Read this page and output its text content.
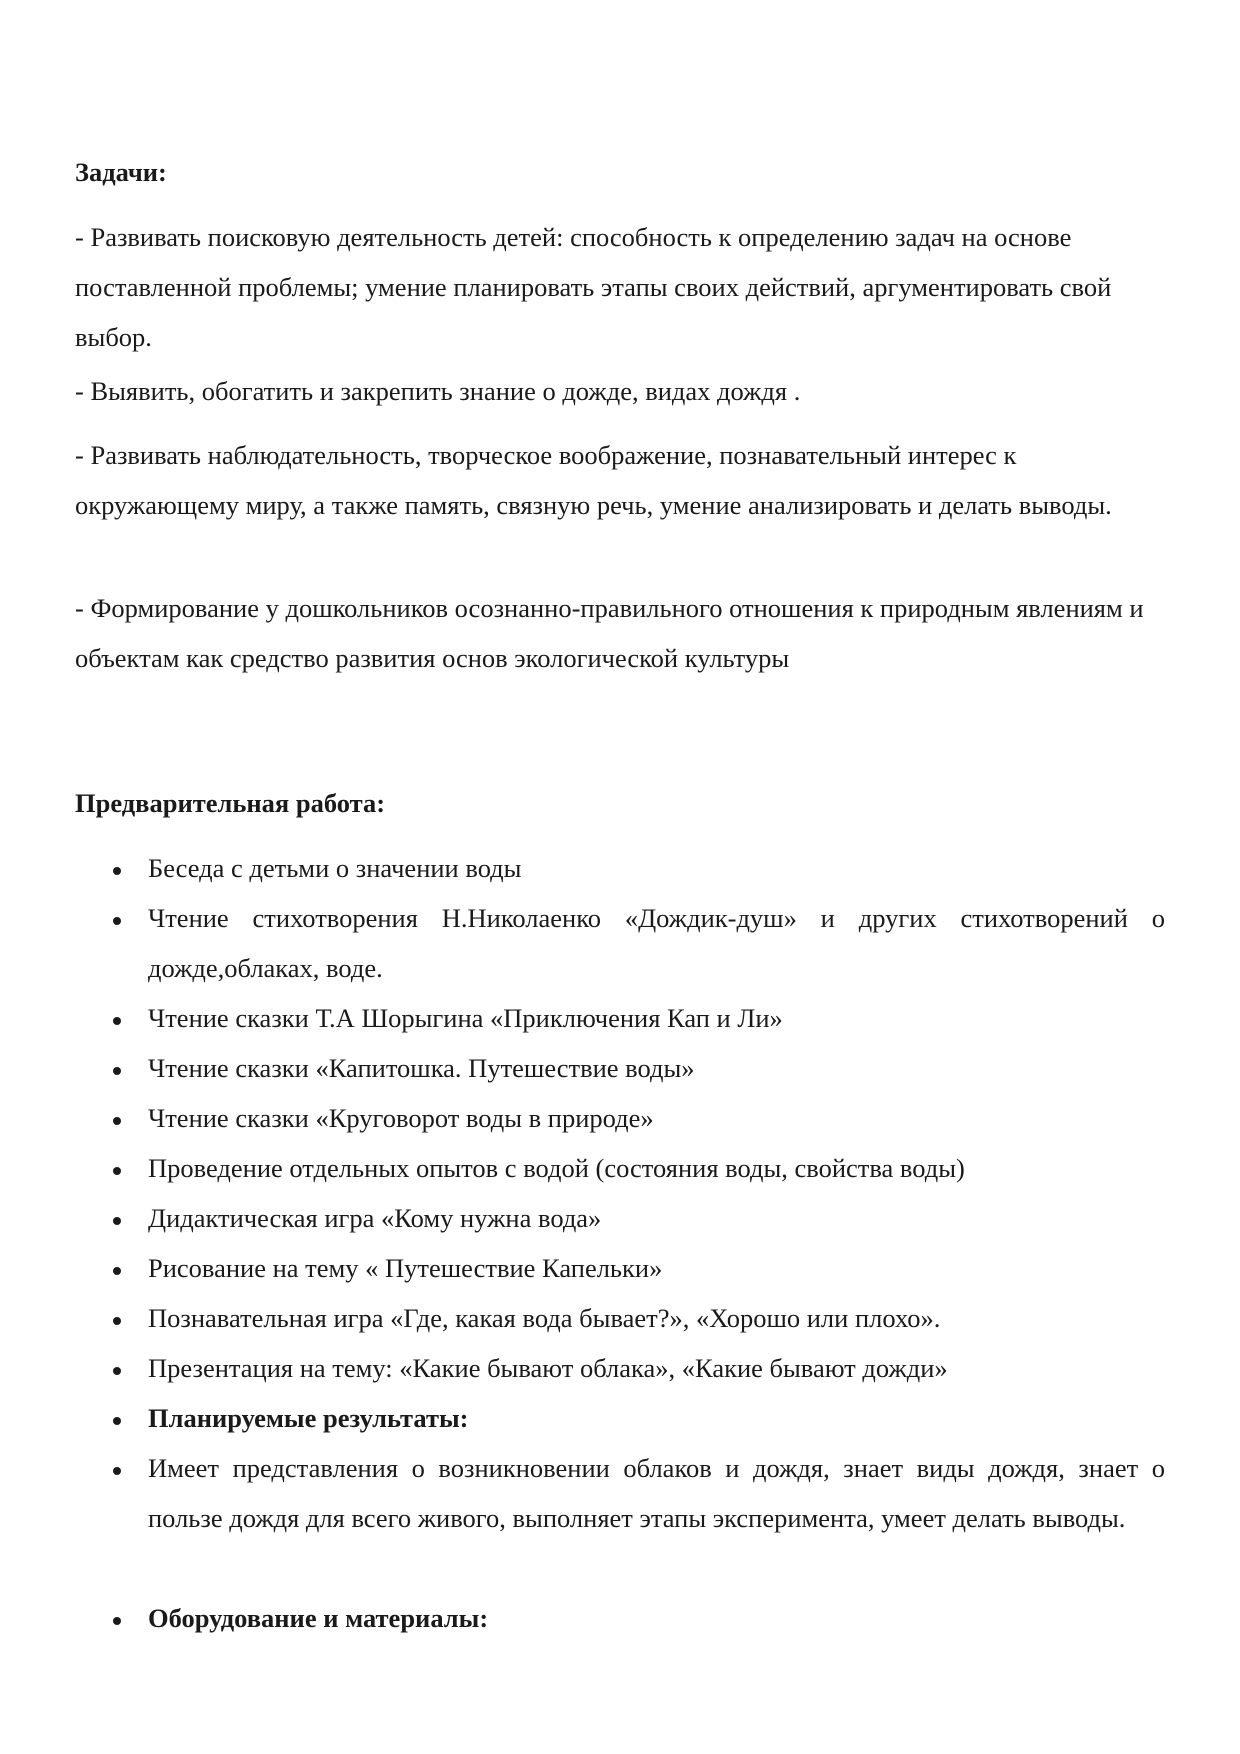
Задачи:
- Развивать поисковую деятельность детей: способность к определению задач на основе поставленной проблемы; умение планировать этапы своих действий, аргументировать свой выбор.
- Выявить, обогатить и закрепить знание о дожде, видах дождя .
- Развивать наблюдательность, творческое воображение, познавательный интерес к окружающему миру, а также память, связную речь, умение анализировать и делать выводы.
- Формирование у дошкольников осознанно-правильного отношения к природным явлениям и объектам как средство развития основ экологической культуры
Предварительная работа:
Беседа с детьми о значении воды
Чтение стихотворения Н.Николаенко «Дождик-душ» и других стихотворений о дожде,облаках, воде.
Чтение сказки Т.А Шорыгина «Приключения Кап и Ли»
Чтение сказки «Капитошка. Путешествие воды»
Чтение сказки «Круговорот воды в природе»
Проведение отдельных опытов с водой (состояния воды, свойства воды)
Дидактическая игра «Кому нужна вода»
Рисование на тему « Путешествие Капельки»
Познавательная игра «Где, какая вода бывает?», «Хорошо или плохо».
Презентация на тему: «Какие бывают облака», «Какие бывают дожди»
Планируемые результаты:
Имеет представления о возникновении облаков и дождя, знает виды дождя, знает о пользе дождя для всего живого, выполняет этапы эксперимента, умеет делать выводы.
Оборудование и материалы:
